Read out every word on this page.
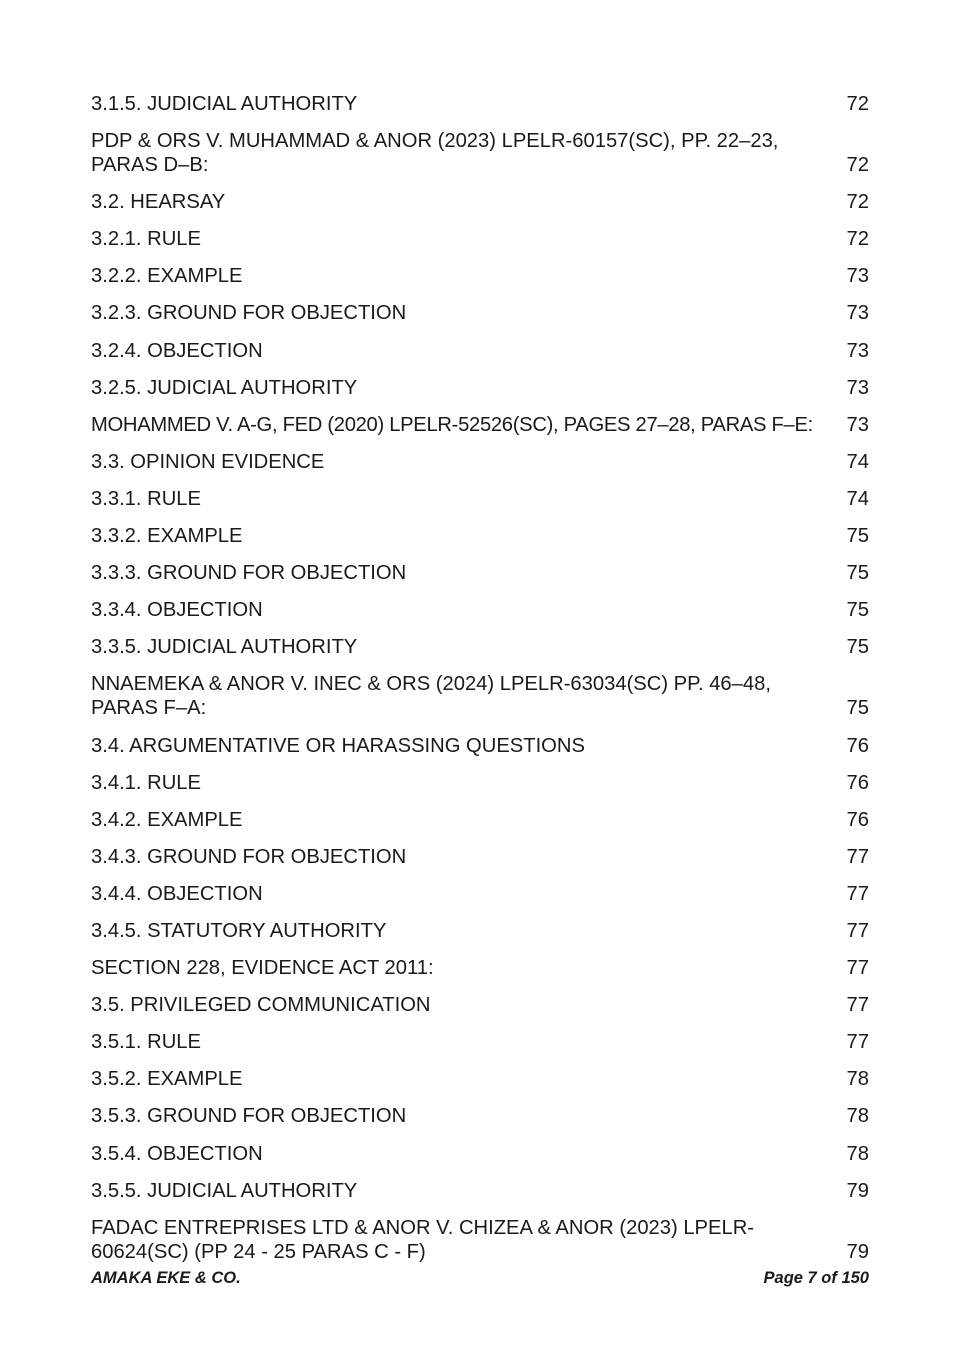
3.1.5. JUDICIAL AUTHORITY	72
PDP & ORS V. MUHAMMAD & ANOR (2023) LPELR-60157(SC), PP. 22–23, PARAS D–B:	72
3.2. HEARSAY	72
3.2.1. RULE	72
3.2.2. EXAMPLE	73
3.2.3. GROUND FOR OBJECTION	73
3.2.4. OBJECTION	73
3.2.5. JUDICIAL AUTHORITY	73
MOHAMMED V. A-G, FED (2020) LPELR-52526(SC), PAGES 27–28, PARAS F–E:	73
3.3. OPINION EVIDENCE	74
3.3.1. RULE	74
3.3.2. EXAMPLE	75
3.3.3. GROUND FOR OBJECTION	75
3.3.4. OBJECTION	75
3.3.5. JUDICIAL AUTHORITY	75
NNAEMEKA & ANOR V. INEC & ORS (2024) LPELR-63034(SC) PP. 46–48, PARAS F–A:	75
3.4. ARGUMENTATIVE OR HARASSING QUESTIONS	76
3.4.1. RULE	76
3.4.2. EXAMPLE	76
3.4.3. GROUND FOR OBJECTION	77
3.4.4. OBJECTION	77
3.4.5. STATUTORY AUTHORITY	77
SECTION 228, EVIDENCE ACT 2011:	77
3.5. PRIVILEGED COMMUNICATION	77
3.5.1. RULE	77
3.5.2. EXAMPLE	78
3.5.3. GROUND FOR OBJECTION	78
3.5.4. OBJECTION	78
3.5.5. JUDICIAL AUTHORITY	79
FADAC ENTREPRISES LTD & ANOR V. CHIZEA & ANOR (2023) LPELR-60624(SC) (PP 24 - 25 PARAS C - F)	79
AMAKA EKE & CO.	Page 7 of 150
